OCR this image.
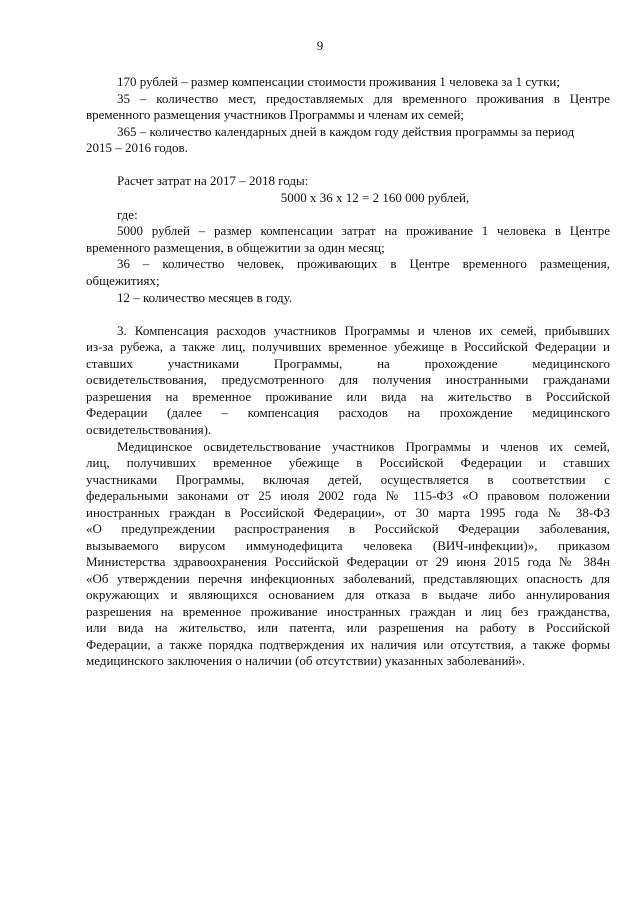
9
170 рублей – размер компенсации стоимости проживания 1 человека за 1 сутки;
35 – количество мест, предоставляемых для временного проживания в Центре
временного размещения участников Программы и членам их семей;
365 – количество календарных дней в каждом году действия программы за период
2015 – 2016 годов.
Расчет затрат на 2017 – 2018 годы:
5000 х 36 х 12 = 2 160 000 рублей,
где:
5000 рублей – размер компенсации затрат на проживание 1 человека в Центре
временного размещения, в общежитии за один месяц;
36 – количество человек, проживающих в Центре временного размещения,
общежитиях;
12 – количество месяцев в году.
3. Компенсация расходов участников Программы и членов их семей, прибывших
из-за рубежа, а также лиц, получивших временное убежище в Российской Федерации и
ставших участниками Программы, на прохождение медицинского
освидетельствования, предусмотренного для получения иностранными гражданами
разрешения на временное проживание или вида на жительство в Российской
Федерации (далее – компенсация расходов на прохождение медицинского
освидетельствования).
Медицинское освидетельствование участников Программы и членов их семей,
лиц, получивших временное убежище в Российской Федерации и ставших
участниками Программы, включая детей, осуществляется в соответствии с
федеральными законами от 25 июля 2002 года № 115-ФЗ «О правовом положении
иностранных граждан в Российской Федерации», от 30 марта 1995 года № 38-ФЗ
«О предупреждении распространения в Российской Федерации заболевания,
вызываемого вирусом иммунодефицита человека (ВИЧ-инфекции)», приказом
Министерства здравоохранения Российской Федерации от 29 июня 2015 года № 384н
«Об утверждении перечня инфекционных заболеваний, представляющих опасность для
окружающих и являющихся основанием для отказа в выдаче либо аннулирования
разрешения на временное проживание иностранных граждан и лиц без гражданства,
или вида на жительство, или патента, или разрешения на работу в Российской
Федерации, а также порядка подтверждения их наличия или отсутствия, а также формы
медицинского заключения о наличии (об отсутствии) указанных заболеваний».
